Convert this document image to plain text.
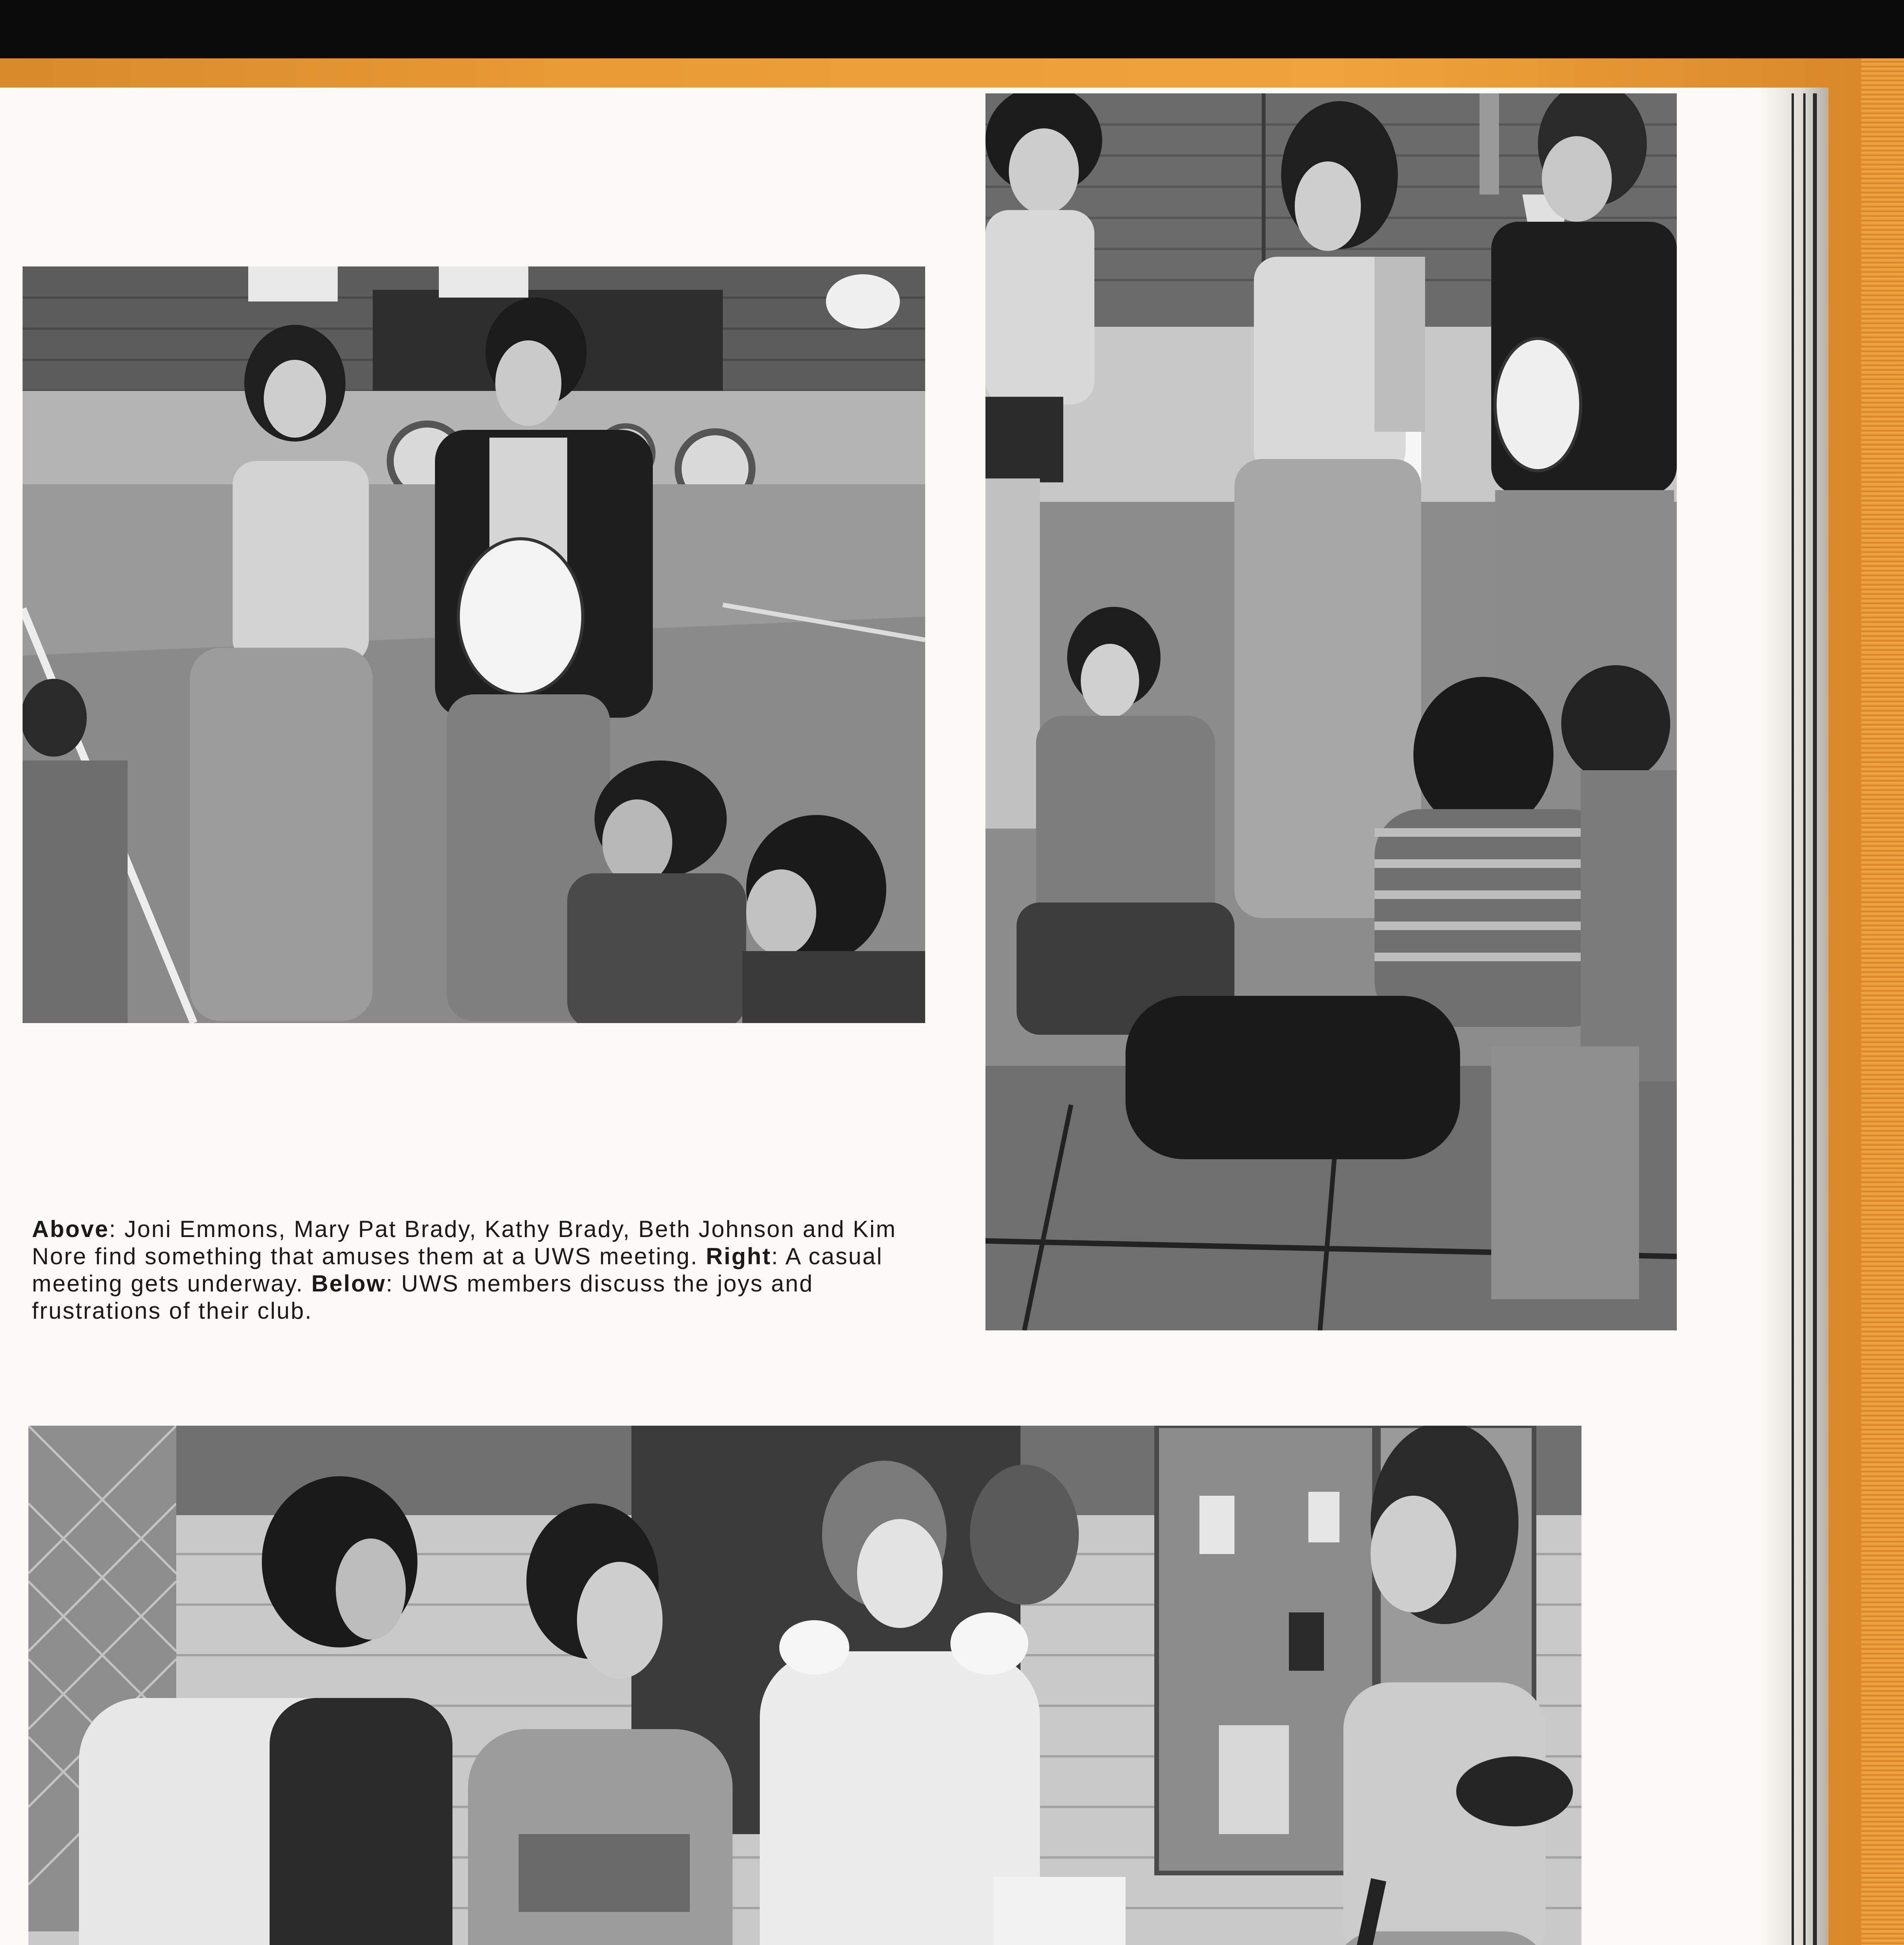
Above: Joni Emmons, Mary Pat Brady, Kathy Brady, Beth Johnson and Kim Nore find something that amuses them at a UWS meeting. Right: A casual meeting gets underway. Below: UWS members discuss the joys and frustrations of their club.
